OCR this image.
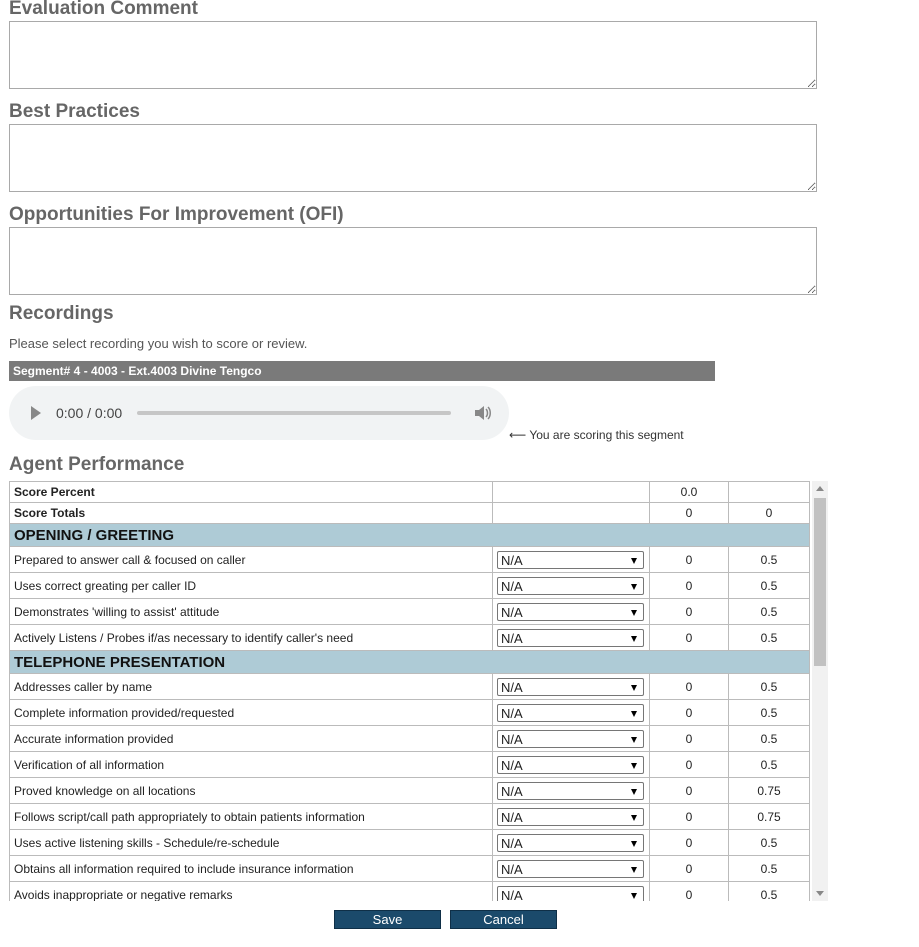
Evaluation Comment
Best Practices
Opportunities For Improvement (OFI)
Recordings
Please select recording you wish to score or review.
Segment# 4 - 4003 - Ext.4003 Divine Tengco
0:00 / 0:00
⟵ You are scoring this segment
Agent Performance
Score Percent		0.0	
Score Totals		0	0
OPENING / GREETING			
Prepared to answer call & focused on caller	N/A	0	0.5
Uses correct greating per caller ID	N/A	0	0.5
Demonstrates 'willing to assist' attitude	N/A	0	0.5
Actively Listens / Probes if/as necessary to identify caller's need	N/A	0	0.5
TELEPHONE PRESENTATION			
Addresses caller by name	N/A	0	0.5
Complete information provided/requested	N/A	0	0.5
Accurate information provided	N/A	0	0.5
Verification of all information	N/A	0	0.5
Proved knowledge on all locations	N/A	0	0.75
Follows script/call path appropriately to obtain patients information	N/A	0	0.75
Uses active listening skills - Schedule/re-schedule	N/A	0	0.5
Obtains all information required to include insurance information	N/A	0	0.5
Avoids inappropriate or negative remarks	N/A	0	0.5
Save	Cancel
